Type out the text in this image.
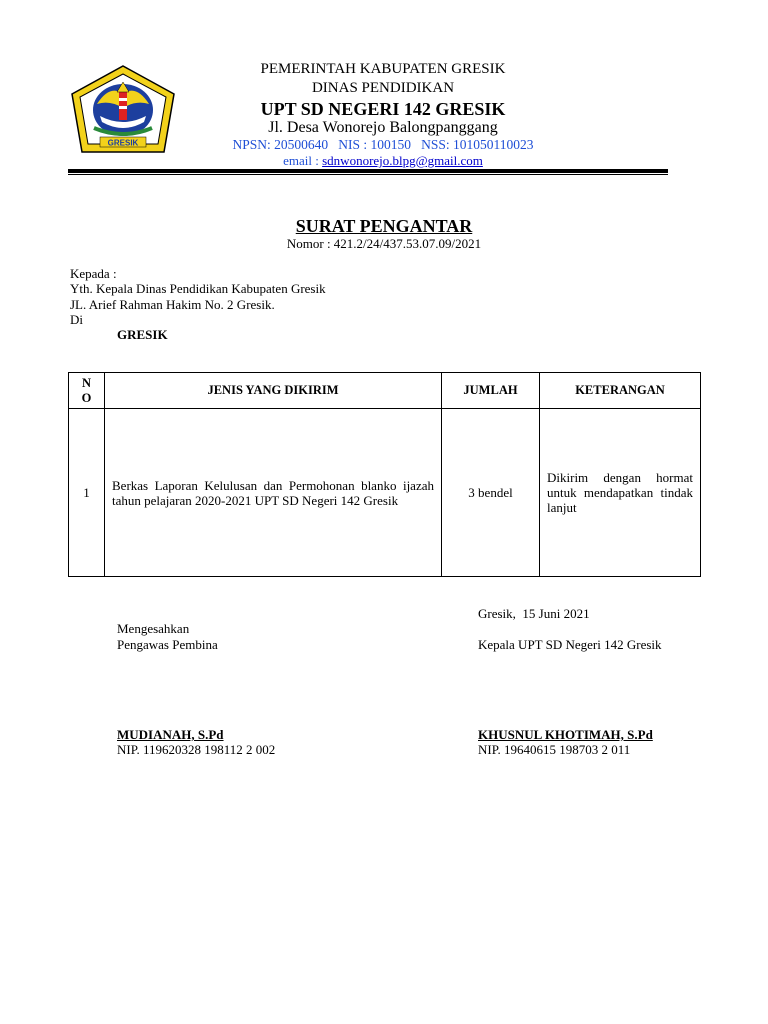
GRESIK
PEMERINTAH KABUPATEN GRESIK
DINAS PENDIDIKAN
UPT SD NEGERI 142 GRESIK
Jl. Desa Wonorejo Balongpanggang
NPSN: 20500640   NIS : 100150   NSS: 101050110023
email : sdnwonorejo.blpg@gmail.com
SURAT PENGANTAR
Nomor : 421.2/24/437.53.07.09/2021
Kepada :
Yth. Kepala Dinas Pendidikan Kabupaten Gresik
JL. Arief Rahman Hakim No. 2 Gresik.
Di
GRESIK
N O	JENIS YANG DIKIRIM	JUMLAH	KETERANGAN
1	Berkas Laporan Kelulusan dan Permohonan blanko ijazah tahun pelajaran 2020-2021 UPT SD Negeri 142 Gresik	3 bendel	Dikirim dengan hormat untuk mendapatkan tindak lanjut
Gresik,  15 Juni 2021
Mengesahkan
Pengawas Pembina	Kepala UPT SD Negeri 142 Gresik
MUDIANAH, S.Pd
NIP. 119620328 198112 2 002
KHUSNUL KHOTIMAH, S.Pd
NIP. 19640615 198703 2 011
